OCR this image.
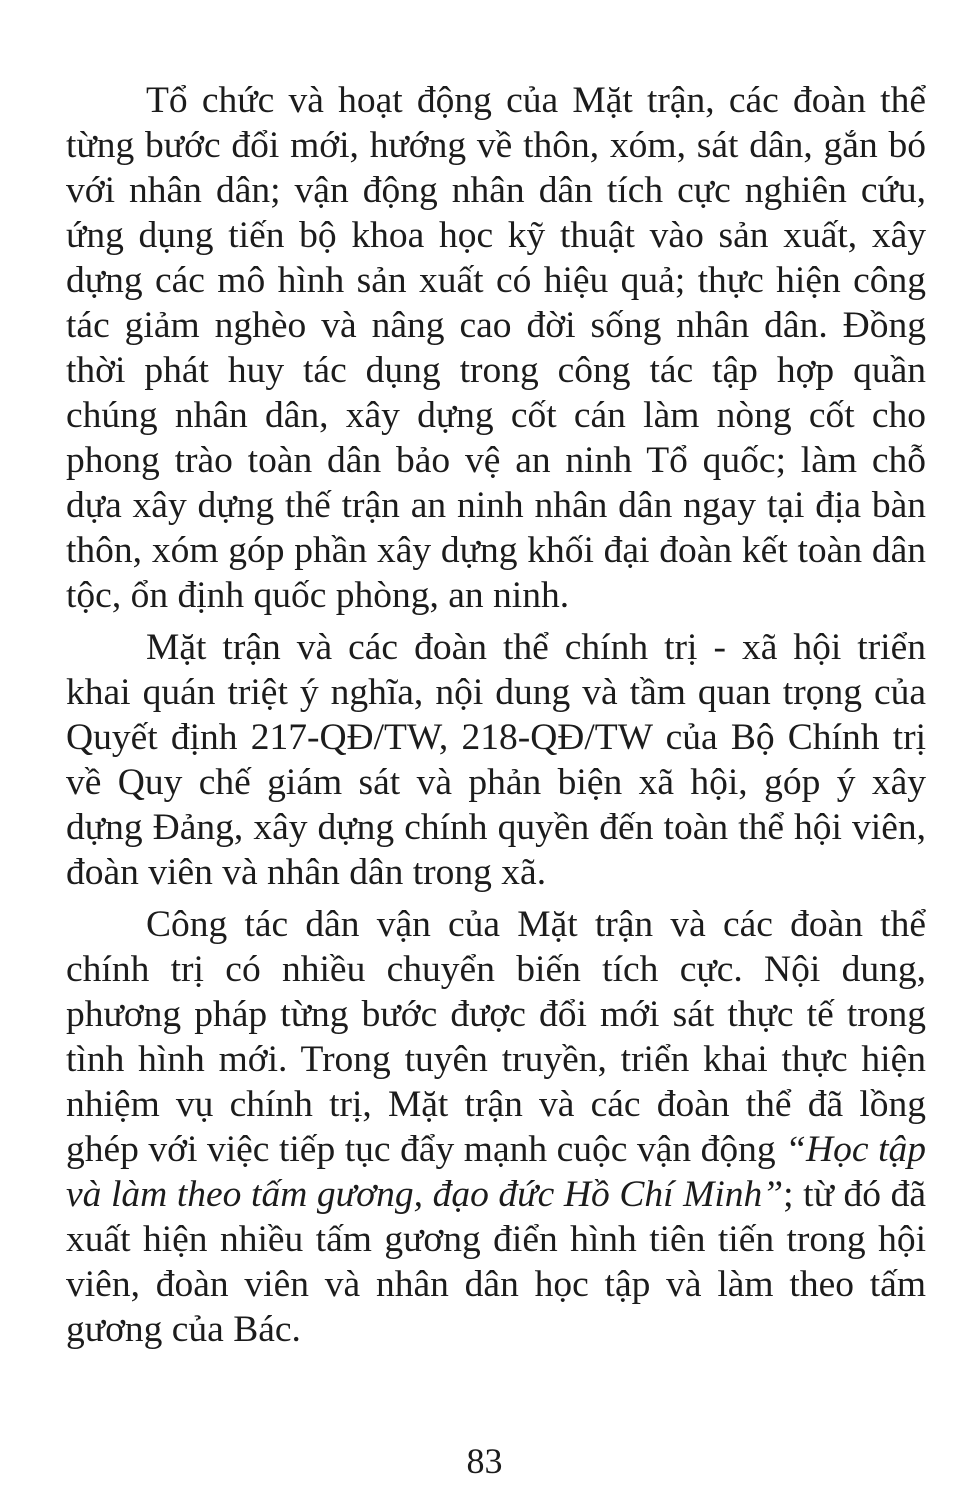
Tổ chức và hoạt động của Mặt trận, các đoàn thể từng bước đổi mới, hướng về thôn, xóm, sát dân, gắn bó với nhân dân; vận động nhân dân tích cực nghiên cứu, ứng dụng tiến bộ khoa học kỹ thuật vào sản xuất, xây dựng các mô hình sản xuất có hiệu quả; thực hiện công tác giảm nghèo và nâng cao đời sống nhân dân. Đồng thời phát huy tác dụng trong công tác tập hợp quần chúng nhân dân, xây dựng cốt cán làm nòng cốt cho phong trào toàn dân bảo vệ an ninh Tổ quốc; làm chỗ dựa xây dựng thế trận an ninh nhân dân ngay tại địa bàn thôn, xóm góp phần xây dựng khối đại đoàn kết toàn dân tộc, ổn định quốc phòng, an ninh.

Mặt trận và các đoàn thể chính trị - xã hội triển khai quán triệt ý nghĩa, nội dung và tầm quan trọng của Quyết định 217-QĐ/TW, 218-QĐ/TW của Bộ Chính trị về Quy chế giám sát và phản biện xã hội, góp ý xây dựng Đảng, xây dựng chính quyền đến toàn thể hội viên, đoàn viên và nhân dân trong xã.

Công tác dân vận của Mặt trận và các đoàn thể chính trị có nhiều chuyển biến tích cực. Nội dung, phương pháp từng bước được đổi mới sát thực tế trong tình hình mới. Trong tuyên truyền, triển khai thực hiện nhiệm vụ chính trị, Mặt trận và các đoàn thể đã lồng ghép với việc tiếp tục đẩy mạnh cuộc vận động “Học tập và làm theo tấm gương, đạo đức Hồ Chí Minh”; từ đó đã xuất hiện nhiều tấm gương điển hình tiên tiến trong hội viên, đoàn viên và nhân dân học tập và làm theo tấm gương của Bác.

83
